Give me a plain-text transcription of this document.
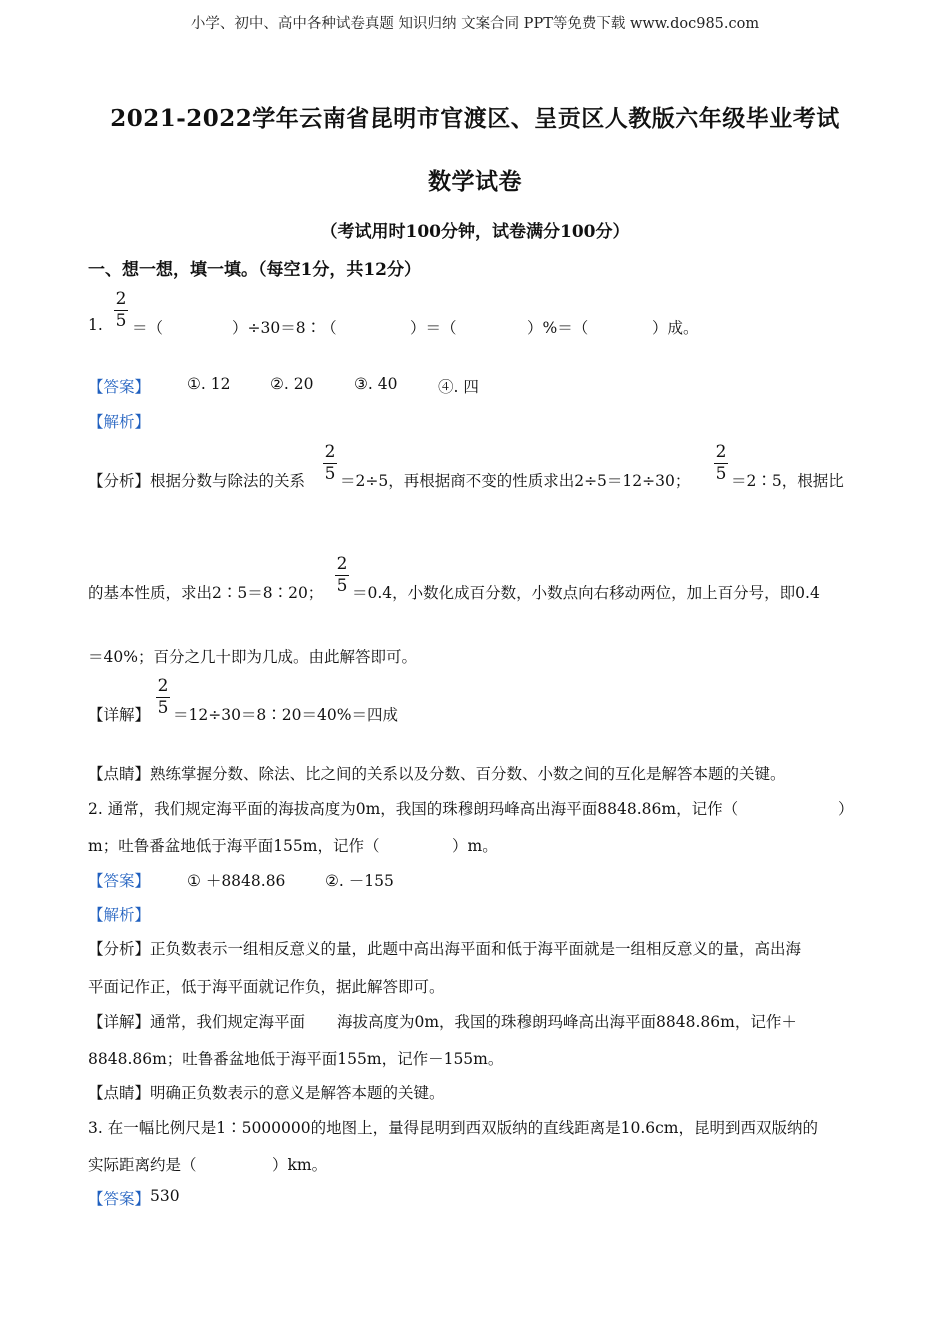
小学、初中、高中各种试卷真题 知识归纳 文案合同 PPT等免费下载 www.doc985.com
2021-2022学年云南省昆明市官渡区、呈贡区人教版六年级毕业考试
数学试卷
（考试用时100分钟，试卷满分100分）
一、想一想，填一填。（每空1分，共12分）
2
5
1. ＝（	）÷30＝8∶（	）＝（	）%＝（	）成。
【答案】 ①. 12	②. 20	③. 40	④. 四
【解析】
【分析】 根据分数与除法的关系
2
5 ＝2÷5，再根据商不变的性质求出2÷5＝12÷30；
2
5 ＝2∶5，根据比
的基本性质，求出2∶5＝8∶20；
2
5 ＝0.4，小数化成百分数，小数点向右移动两位，加上百分号，即0.4
＝40%；百分之几十即为几成。由此解答即可。
【详解】
2
5 ＝12÷30＝8∶20＝40%＝四成
【点睛】 熟练掌握分数、除法、比之间的关系以及分数、百分数、小数之间的互化是解答本题的关键。
2. 通常，我们规定海平面的海拔高度为0m，我国的珠穆朗玛峰高出海平面8848.86m，记作（	）
m；吐鲁番盆地低于海平面155m，记作（	）m。
【答案】 ① ＋8848.86	②. －155
【解析】
【分析】 正负数表示一组相反意义的量，此题中高出海平面和低于海平面就是一组相反意义的量，高出海
平面记作正，低于海平面就记作负，据此解答即可。
【详解】 通常，我们规定海平面 海拔高度为0m，我国的珠穆朗玛峰高出海平面8848.86m，记作＋
8848.86m；吐鲁番盆地低于海平面155m，记作－155m。
【点睛】 明确正负数表示的意义是解答本题的关键。
3. 在一幅比例尺是1∶5000000的地图上，量得昆明到西双版纳的直线距离是10.6cm，昆明到西双版纳的
实际距离约是（	）km。
【答案】 530
